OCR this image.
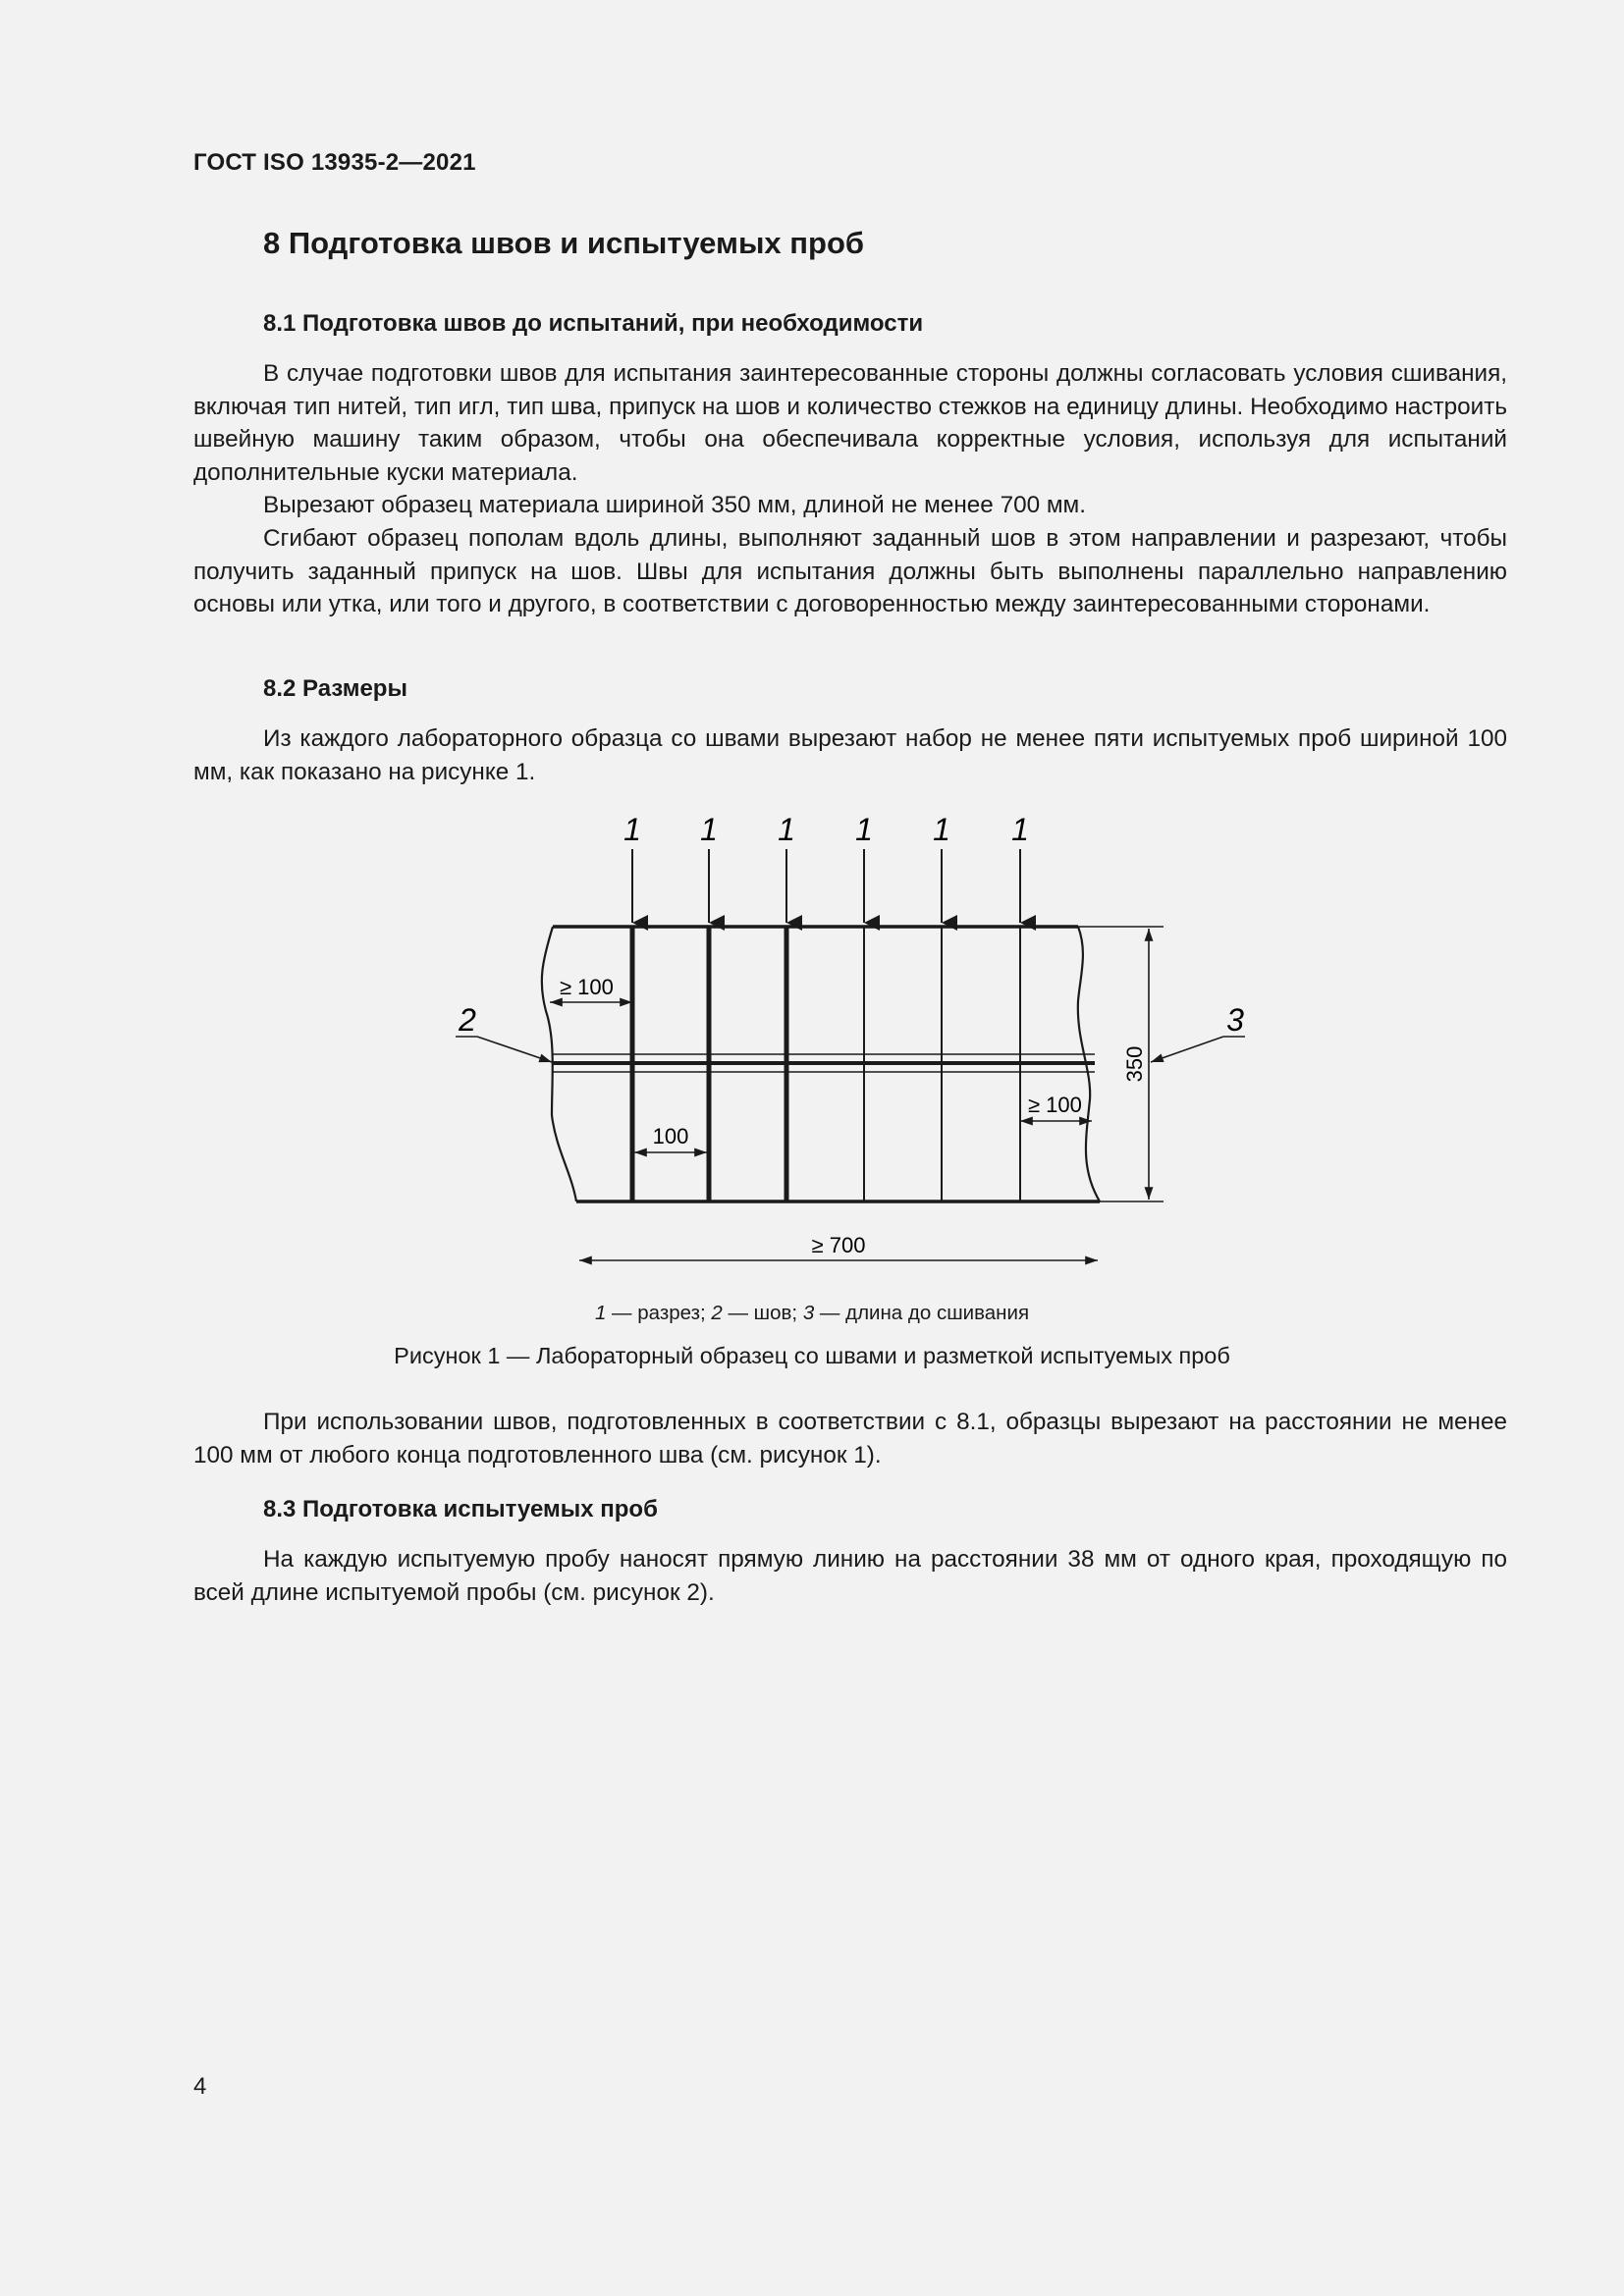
ГОСТ ISO 13935-2—2021
8 Подготовка швов и испытуемых проб
8.1 Подготовка швов до испытаний, при необходимости

В случае подготовки швов для испытания заинтересованные стороны должны согласовать условия сшивания, включая тип нитей, тип игл, тип шва, припуск на шов и количество стежков на единицу длины. Необходимо настроить швейную машину таким образом, чтобы она обеспечивала корректные условия, используя для испытаний дополнительные куски материала.

Вырезают образец материала шириной 350 мм, длиной не менее 700 мм.

Сгибают образец пополам вдоль длины, выполняют заданный шов в этом направлении и разрезают, чтобы получить заданный припуск на шов. Швы для испытания должны быть выполнены параллельно направлению основы или утка, или того и другого, в соответствии с договоренностью между заинтересованными сторонами.

8.2 Размеры

Из каждого лабораторного образца со швами вырезают набор не менее пяти испытуемых проб шириной 100 мм, как показано на рисунке 1.

1 1 1 1 1 1
≥ 100
100
≥ 100
350
≥ 700
2	3
1 — разрез; 2 — шов; 3 — длина до сшивания
Рисунок 1 — Лабораторный образец со швами и разметкой испытуемых проб

При использовании швов, подготовленных в соответствии с 8.1, образцы вырезают на расстоянии не менее 100 мм от любого конца подготовленного шва (см. рисунок 1).

8.3 Подготовка испытуемых проб

На каждую испытуемую пробу наносят прямую линию на расстоянии 38 мм от одного края, проходящую по всей длине испытуемой пробы (см. рисунок 2).

4
